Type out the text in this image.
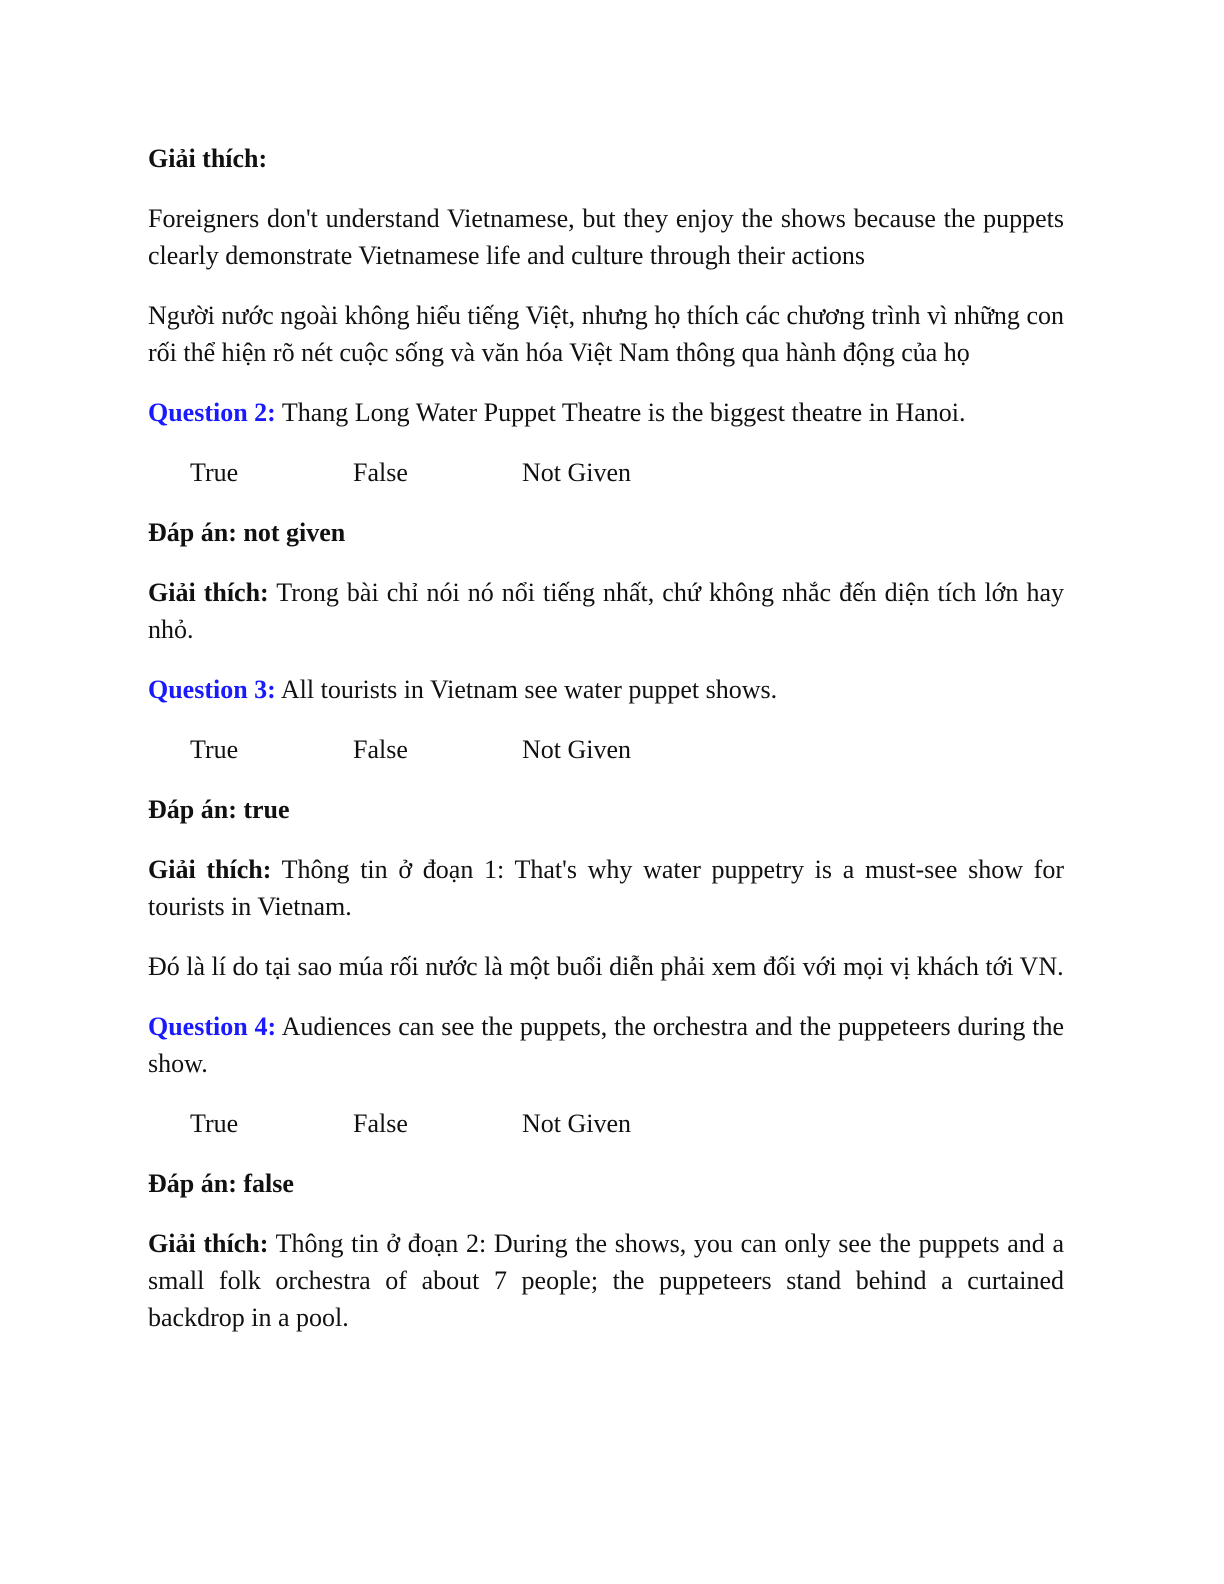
Giải thích:

Foreigners don't understand Vietnamese, but they enjoy the shows because the puppets clearly demonstrate Vietnamese life and culture through their actions

Người nước ngoài không hiểu tiếng Việt, nhưng họ thích các chương trình vì những con rối thể hiện rõ nét cuộc sống và văn hóa Việt Nam thông qua hành động của họ

Question 2: Thang Long Water Puppet Theatre is the biggest theatre in Hanoi.

True	False	Not Given

Đáp án: not given

Giải thích: Trong bài chỉ nói nó nổi tiếng nhất, chứ không nhắc đến diện tích lớn hay nhỏ.

Question 3: All tourists in Vietnam see water puppet shows.

True	False	Not Given

Đáp án: true

Giải thích: Thông tin ở đoạn 1: That's why water puppetry is a must-see show for tourists in Vietnam.

Đó là lí do tại sao múa rối nước là một buổi diễn phải xem đối với mọi vị khách tới VN.

Question 4: Audiences can see the puppets, the orchestra and the puppeteers during the show.

True	False	Not Given

Đáp án: false

Giải thích: Thông tin ở đoạn 2: During the shows, you can only see the puppets and a small folk orchestra of about 7 people; the puppeteers stand behind a curtained backdrop in a pool.
